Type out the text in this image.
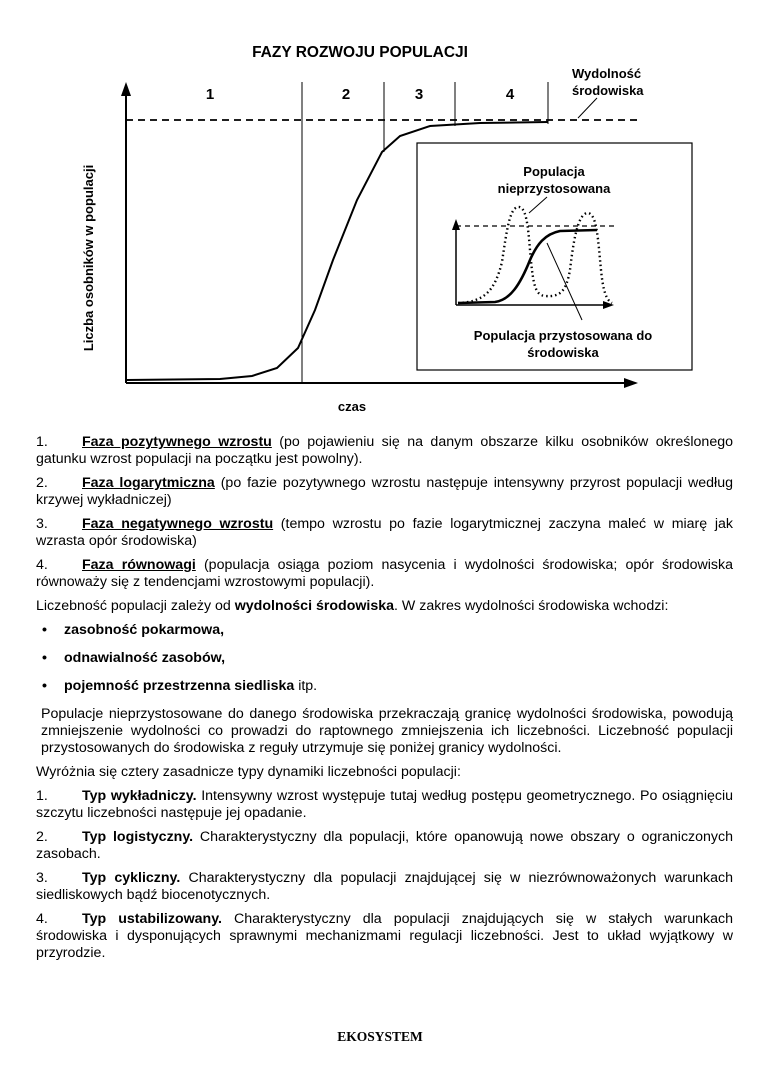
FAZY ROZWOJU POPULACJI
Wydolność
środowiska
1	2	3	4
Liczba osobników w populacji
czas
Populacja
nieprzystosowana
Populacja przystosowana do
środowiska

1. Faza pozytywnego wzrostu (po pojawieniu się na danym obszarze kilku osobników określonego gatunku wzrost populacji na początku jest powolny).

2. Faza logarytmiczna (po fazie pozytywnego wzrostu następuje intensywny przyrost populacji według krzywej wykładniczej)

3. Faza negatywnego wzrostu (tempo wzrostu po fazie logarytmicznej zaczyna maleć w miarę jak wzrasta opór środowiska)

4. Faza równowagi (populacja osiąga poziom nasycenia i wydolności środowiska; opór środowiska równoważy się z tendencjami wzrostowymi populacji).

Liczebność populacji zależy od wydolności środowiska. W zakres wydolności środowiska wchodzi:

• zasobność pokarmowa,
• odnawialność zasobów,
• pojemność przestrzenna siedliska itp.

Populacje nieprzystosowane do danego środowiska przekraczają granicę wydolności środowiska, powodują zmniejszenie wydolności co prowadzi do raptownego zmniejszenia ich liczebności. Liczebność populacji przystosowanych do środowiska z reguły utrzymuje się poniżej granicy wydolności.

Wyróżnia się cztery zasadnicze typy dynamiki liczebności populacji:

1. Typ wykładniczy. Intensywny wzrost występuje tutaj według postępu geometrycznego. Po osiągnięciu szczytu liczebności następuje jej opadanie.

2. Typ logistyczny. Charakterystyczny dla populacji, które opanowują nowe obszary o ograniczonych zasobach.

3. Typ cykliczny. Charakterystyczny dla populacji znajdującej się w niezrównoważonych warunkach siedliskowych bądź biocenotycznych.

4. Typ ustabilizowany. Charakterystyczny dla populacji znajdujących się w stałych warunkach środowiska i dysponujących sprawnymi mechanizmami regulacji liczebności. Jest to układ wyjątkowy w przyrodzie.

EKOSYSTEM
